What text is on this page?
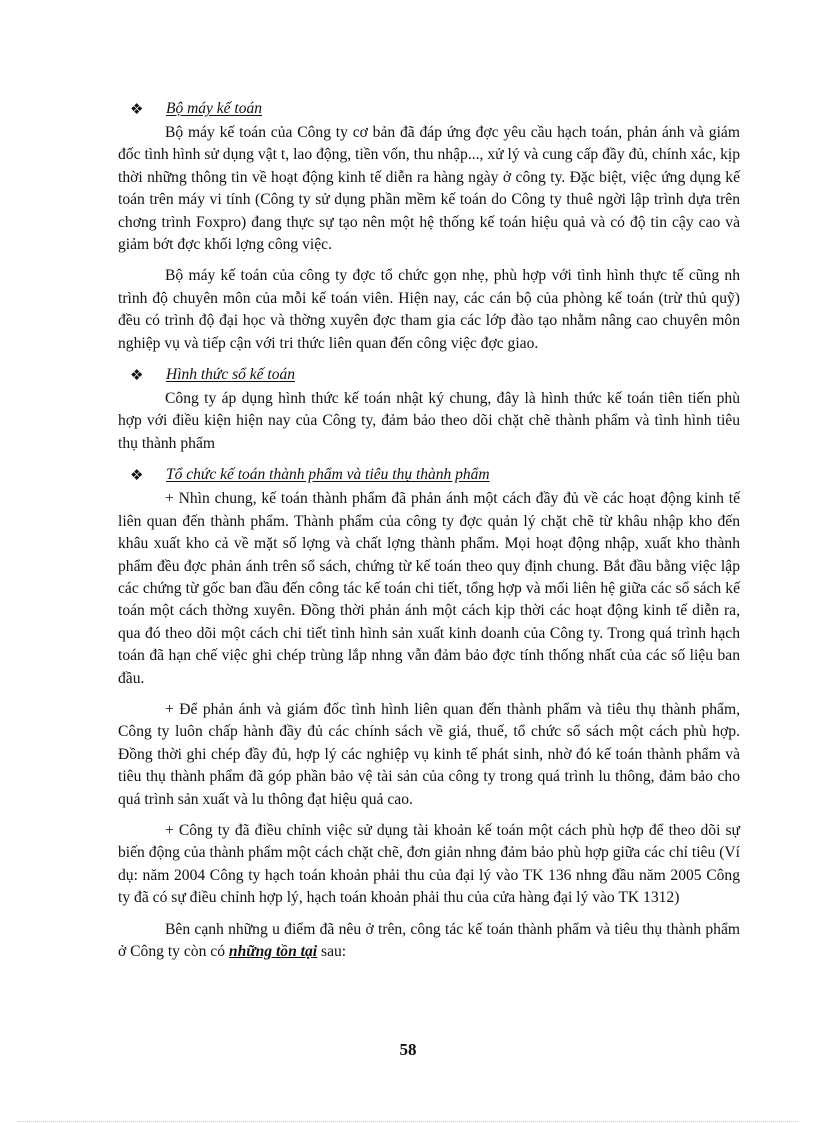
❖ Bộ máy kế toán

Bộ máy kế toán của Công ty cơ bản đã đáp ứng đợc yêu cầu hạch toán, phản ánh và giám đốc tình hình sử dụng vật t, lao động, tiền vốn, thu nhập..., xử lý và cung cấp đầy đủ, chính xác, kịp thời những thông tin về hoạt động kinh tế diễn ra hàng ngày ở công ty. Đặc biệt, việc ứng dụng kế toán trên máy vi tính (Công ty sử dụng phần mềm kế toán do Công ty thuê ngời lập trình dựa trên chơng trình Foxpro) đang thực sự tạo nên một hệ thống kế toán hiệu quả và có độ tin cậy cao và giảm bớt đợc khối lợng công việc.

Bộ máy kế toán của công ty đợc tổ chức gọn nhẹ, phù hợp với tình hình thực tế cũng nh trình độ chuyên môn của mỗi kế toán viên. Hiện nay, các cán bộ của phòng kế toán (trừ thủ quỹ) đều có trình độ đại học và thờng xuyên đợc tham gia các lớp đào tạo nhằm nâng cao chuyên môn nghiệp vụ và tiếp cận với tri thức liên quan đến công việc đợc giao.

❖ Hình thức sổ kế toán

Công ty áp dụng hình thức kế toán nhật ký chung, đây là hình thức kế toán tiên tiến phù hợp với điều kiện hiện nay của Công ty, đảm bảo theo dõi chặt chẽ thành phẩm và tình hình tiêu thụ thành phẩm

❖ Tổ chức kế toán thành phẩm và tiêu thụ thành phẩm

+ Nhìn chung, kế toán thành phẩm đã phản ánh một cách đầy đủ về các hoạt động kinh tế liên quan đến thành phẩm. Thành phẩm của công ty đợc quản lý chặt chẽ từ khâu nhập kho đến khâu xuất kho cả về mặt số lợng và chất lợng thành phẩm. Mọi hoạt động nhập, xuất kho thành phẩm đều đợc phản ánh trên sổ sách, chứng từ kế toán theo quy định chung. Bắt đầu bằng việc lập các chứng từ gốc ban đầu đến công tác kế toán chi tiết, tổng hợp và mối liên hệ giữa các sổ sách kế toán một cách thờng xuyên. Đồng thời phản ánh một cách kịp thời các hoạt động kinh tế diễn ra, qua đó theo dõi một cách chi tiết tình hình sản xuất kinh doanh của Công ty. Trong quá trình hạch toán đã hạn chế việc ghi chép trùng lắp nhng vẫn đảm bảo đợc tính thống nhất của các số liệu ban đầu.

+ Để phản ánh và giám đốc tình hình liên quan đến thành phẩm và tiêu thụ thành phẩm, Công ty luôn chấp hành đầy đủ các chính sách về giá, thuế, tổ chức sổ sách một cách phù hợp. Đồng thời ghi chép đầy đủ, hợp lý các nghiệp vụ kinh tế phát sinh, nhờ đó kế toán thành phẩm và tiêu thụ thành phẩm đã góp phần bảo vệ tài sản của công ty trong quá trình lu thông, đảm bảo cho quá trình sản xuất và lu thông đạt hiệu quả cao.

+ Công ty đã điều chỉnh việc sử dụng tài khoản kế toán một cách phù hợp để theo dõi sự biến động của thành phẩm một cách chặt chẽ, đơn giản nhng đảm bảo phù hợp giữa các chỉ tiêu (Ví dụ: năm 2004 Công ty hạch toán khoản phải thu của đại lý vào TK 136 nhng đầu năm 2005 Công ty đã có sự điều chỉnh hợp lý, hạch toán khoản phải thu của cửa hàng đại lý vào TK 1312)

Bên cạnh những u điểm đã nêu ở trên, công tác kế toán thành phẩm và tiêu thụ thành phẩm ở Công ty còn có những tồn tại sau:

58
